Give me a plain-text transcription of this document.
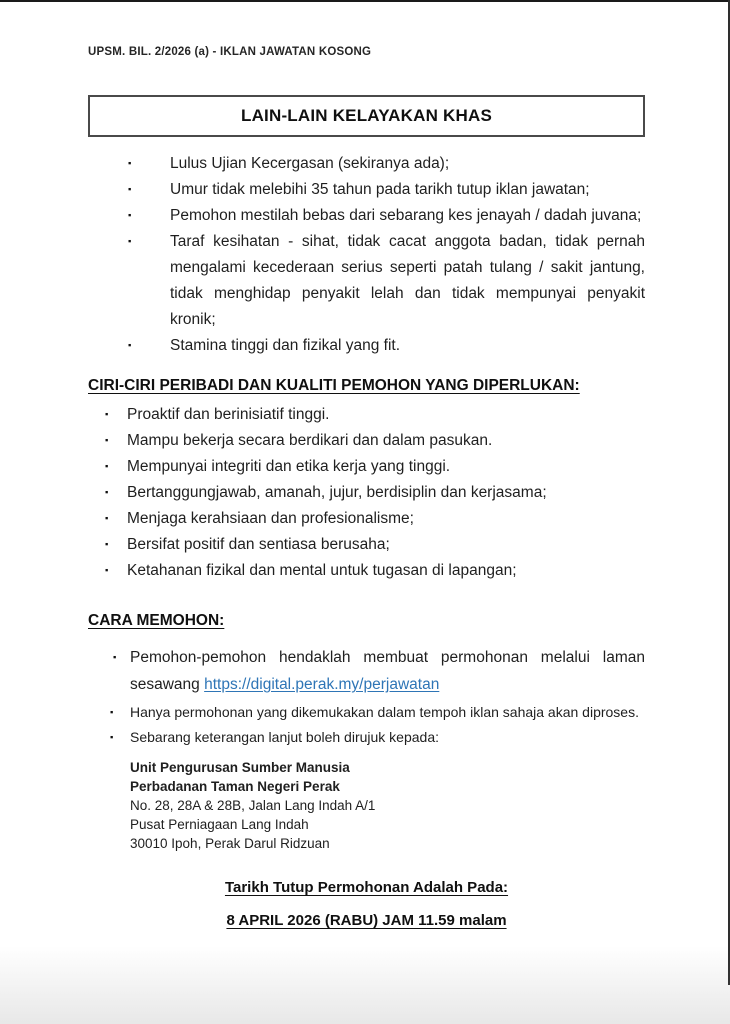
UPSM. BIL. 2/2026 (a) - IKLAN JAWATAN KOSONG
LAIN-LAIN KELAYAKAN KHAS
▪
Lulus Ujian Kecergasan (sekiranya ada);
▪
Umur tidak melebihi 35 tahun pada tarikh tutup iklan jawatan;
▪
Pemohon mestilah bebas dari sebarang kes jenayah / dadah juvana;
▪
Taraf kesihatan - sihat, tidak cacat anggota badan, tidak pernah mengalami kecederaan serius seperti patah tulang / sakit jantung, tidak menghidap penyakit lelah dan tidak mempunyai penyakit kronik;
▪
Stamina tinggi dan fizikal yang fit.
CIRI-CIRI PERIBADI DAN KUALITI PEMOHON YANG DIPERLUKAN:
▪
Proaktif dan berinisiatif tinggi.
▪
Mampu bekerja secara berdikari dan dalam pasukan.
▪
Mempunyai integriti dan etika kerja yang tinggi.
▪
Bertanggungjawab, amanah, jujur, berdisiplin dan kerjasama;
▪
Menjaga kerahsiaan dan profesionalisme;
▪
Bersifat positif dan sentiasa berusaha;
▪
Ketahanan fizikal dan mental untuk tugasan di lapangan;
CARA MEMOHON:
▪
Pemohon-pemohon hendaklah membuat permohonan melalui laman sesawang https://digital.perak.my/perjawatan
▪
Hanya permohonan yang dikemukakan dalam tempoh iklan sahaja akan diproses.
▪
Sebarang keterangan lanjut boleh dirujuk kepada:
Unit Pengurusan Sumber Manusia
Perbadanan Taman Negeri Perak
No. 28, 28A & 28B, Jalan Lang Indah A/1
Pusat Perniagaan Lang Indah
30010 Ipoh, Perak Darul Ridzuan
Tarikh Tutup Permohonan Adalah Pada:
8 APRIL 2026 (RABU) JAM 11.59 malam
